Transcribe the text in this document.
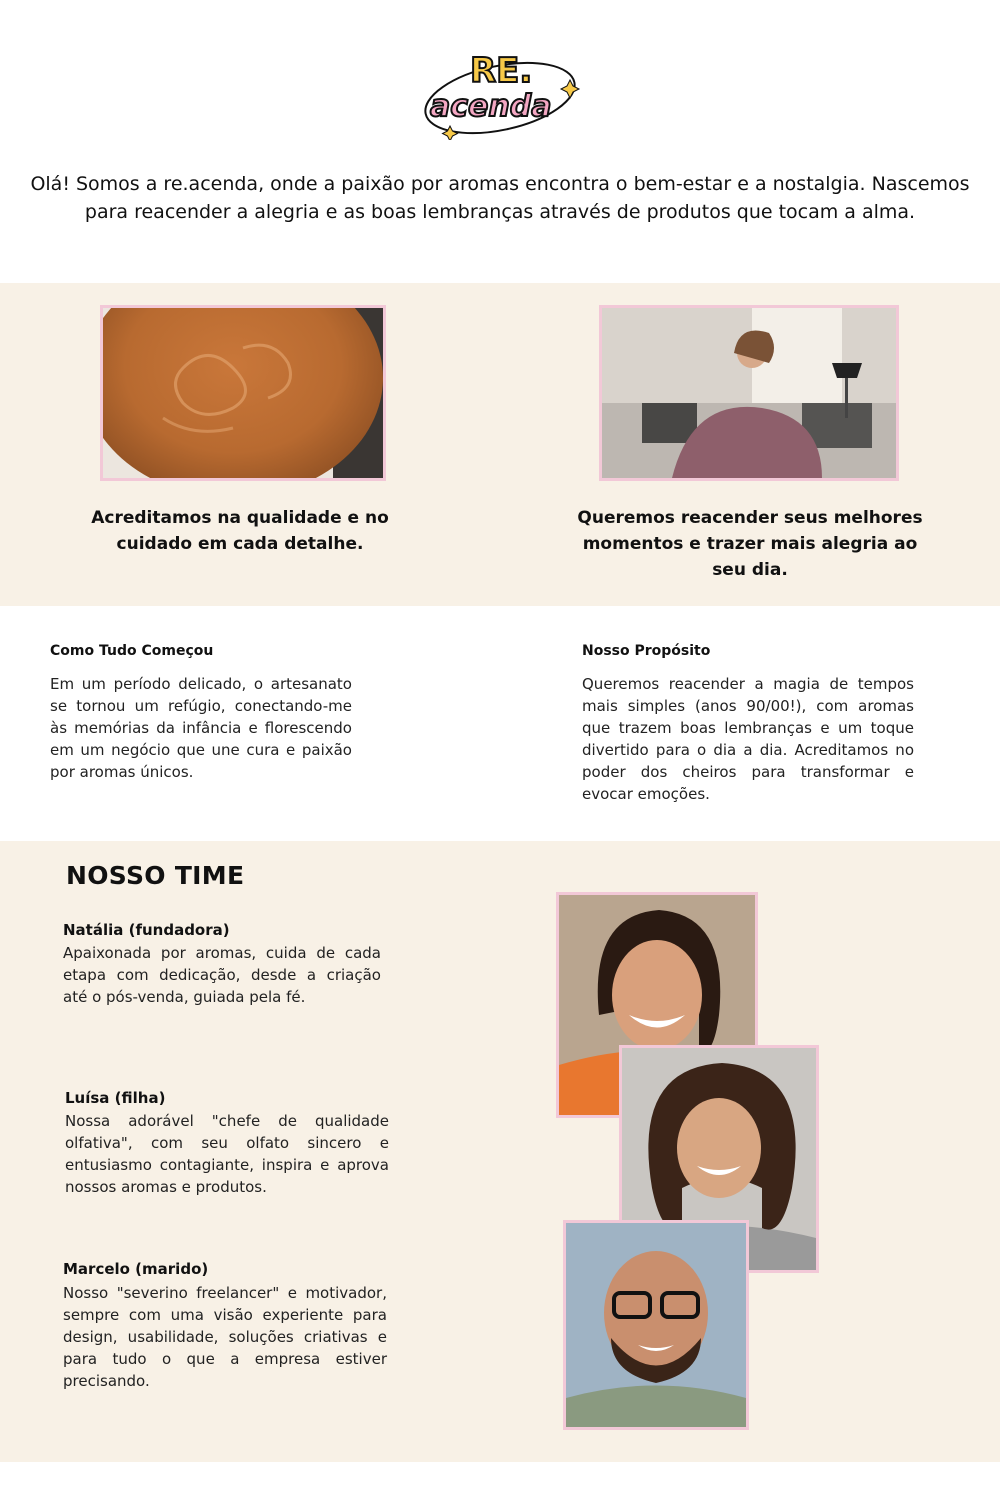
RE.
acenda

Olá! Somos a re.acenda, onde a paixão por aromas encontra o bem-estar e a nostalgia. Nascemos para reacender a alegria e as boas lembranças através de produtos que tocam a alma.

Acreditamos na qualidade e no cuidado em cada detalhe.

Queremos reacender seus melhores momentos e trazer mais alegria ao seu dia.

Como Tudo Começou

Em um período delicado, o artesanato se tornou um refúgio, conectando-me às memórias da infância e florescendo em um negócio que une cura e paixão por aromas únicos.

Nosso Propósito

Queremos reacender a magia de tempos mais simples (anos 90/00!), com aromas que trazem boas lembranças e um toque divertido para o dia a dia. Acreditamos no poder dos cheiros para transformar e evocar emoções.

NOSSO TIME
Natália (fundadora)

Apaixonada por aromas, cuida de cada etapa com dedicação, desde a criação até o pós-venda, guiada pela fé.

Luísa (filha)

Nossa adorável "chefe de qualidade olfativa", com seu olfato sincero e entusiasmo contagiante, inspira e aprova nossos aromas e produtos.

Marcelo (marido)

Nosso "severino freelancer" e motivador, sempre com uma visão experiente para design, usabilidade, soluções criativas e para tudo o que a empresa estiver precisando.
